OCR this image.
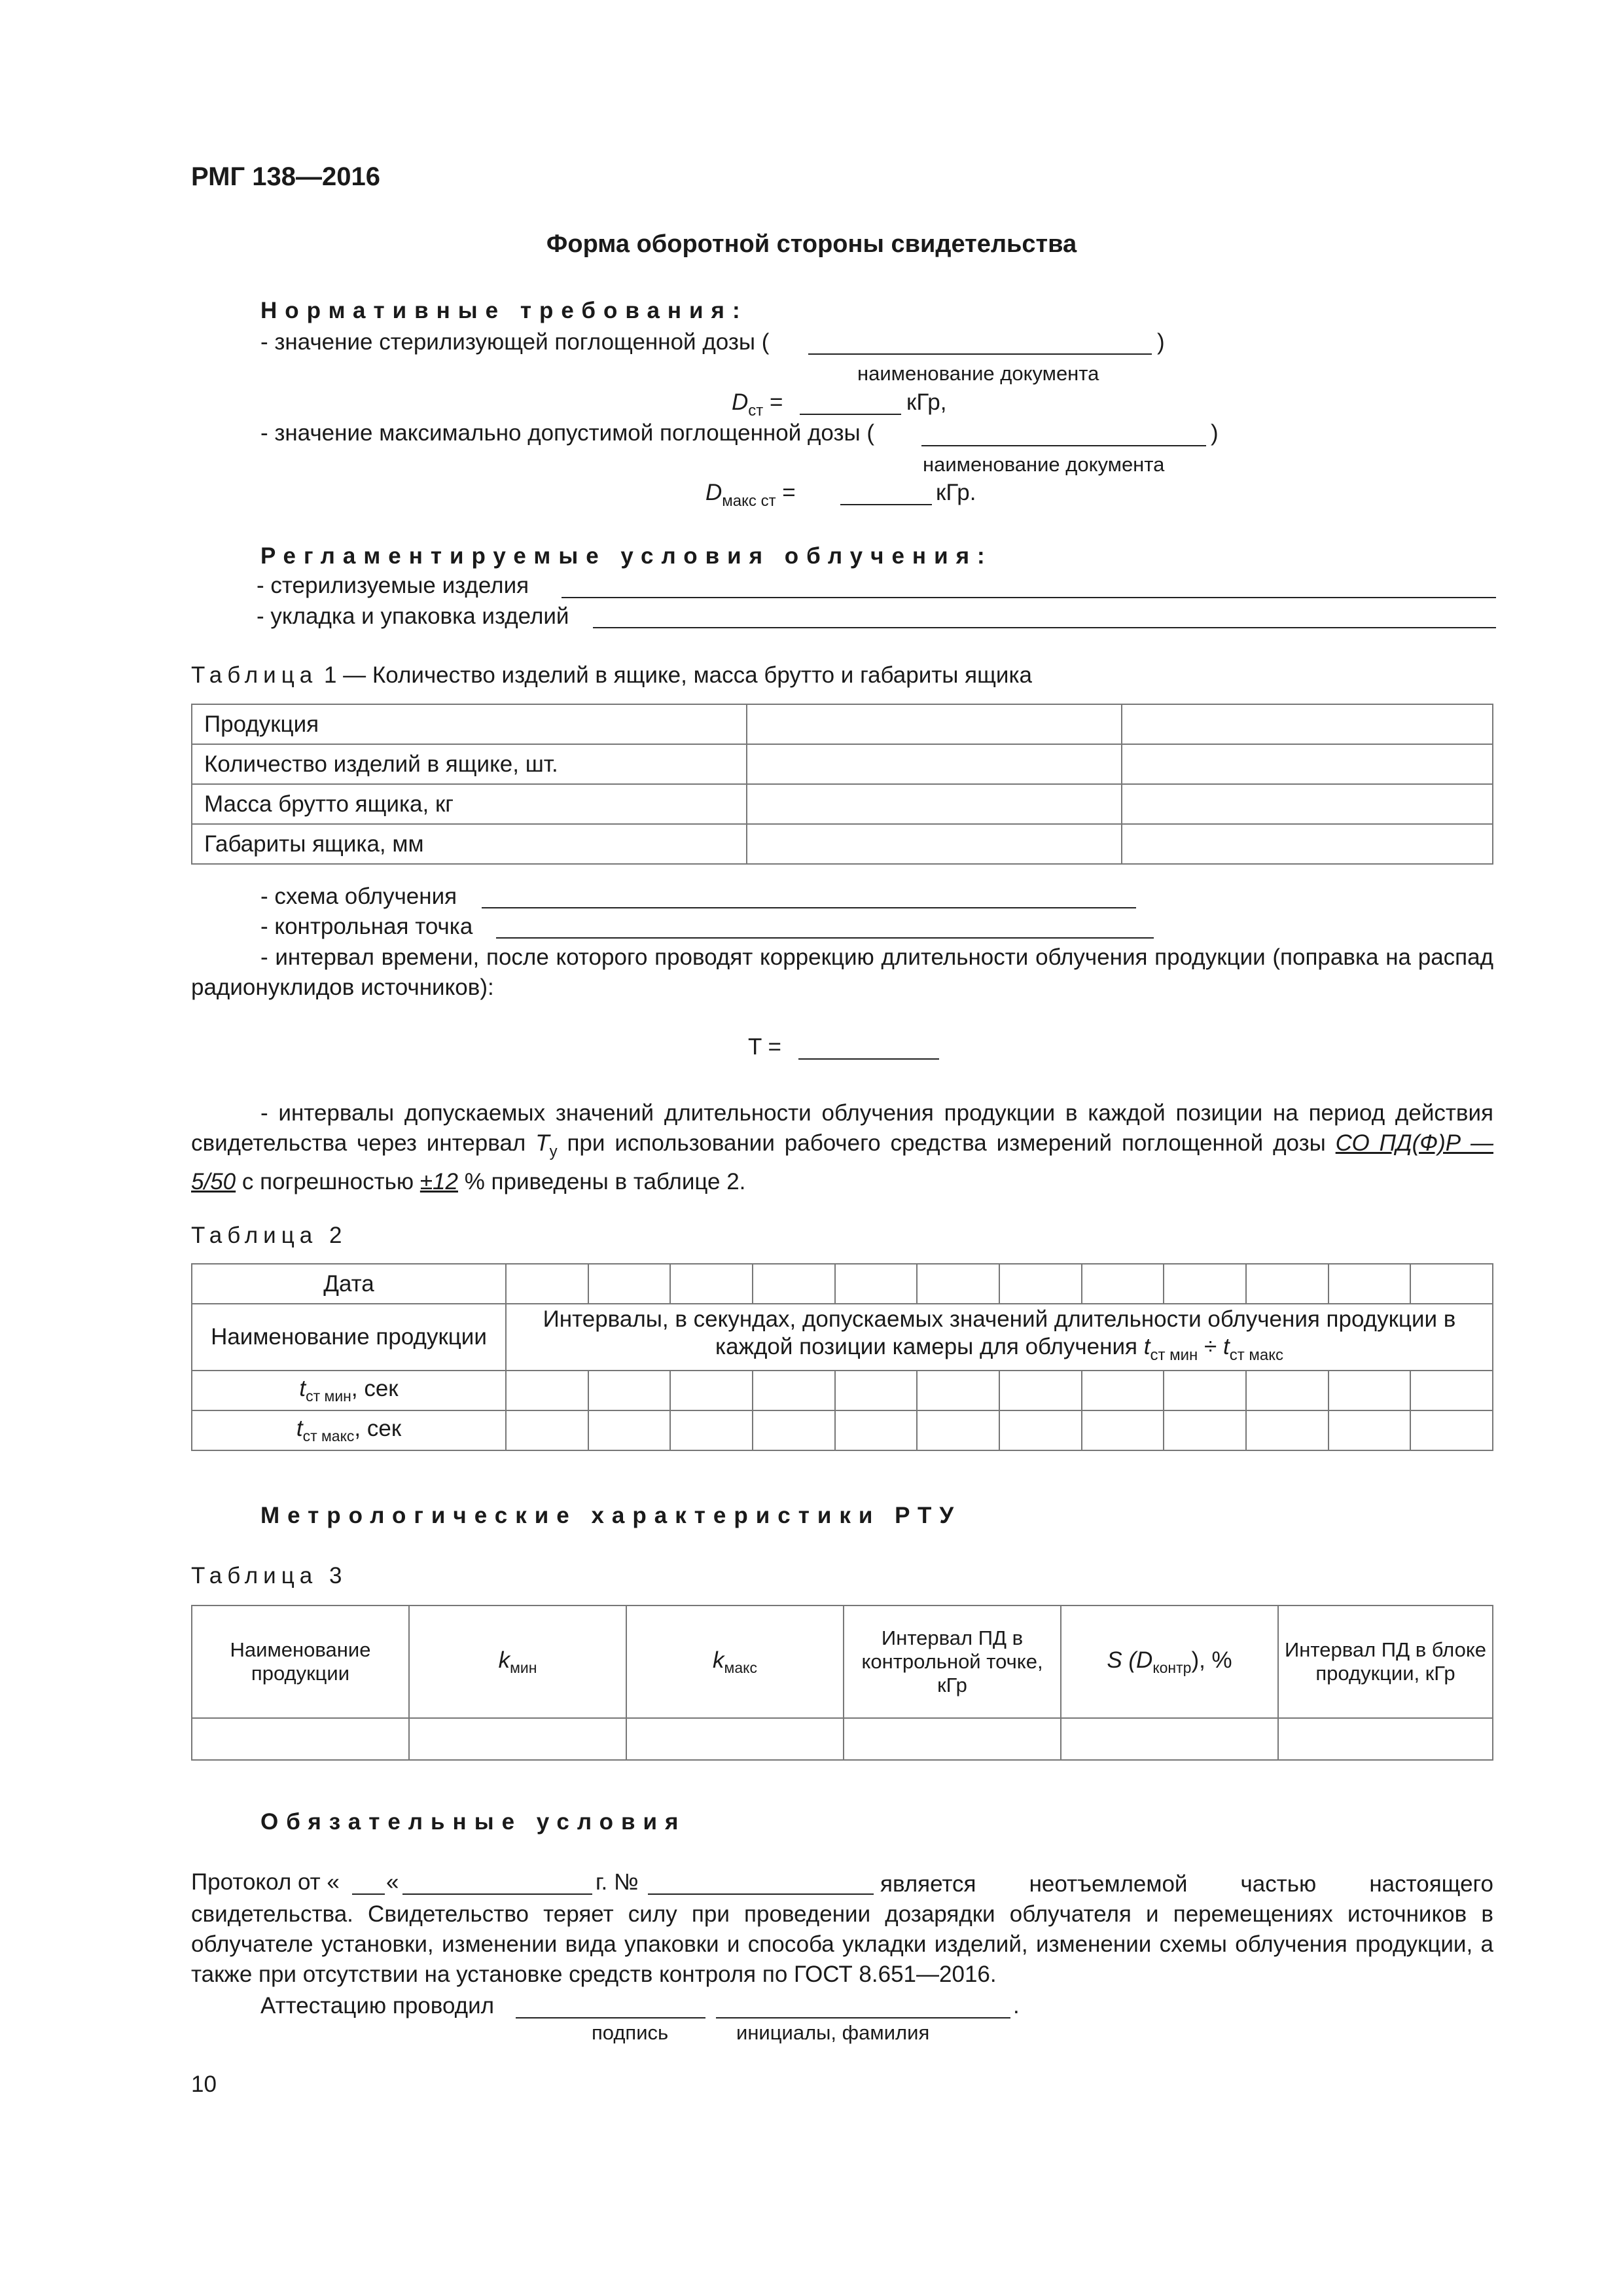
РМГ 138—2016
Форма оборотной стороны свидетельства
Нормативные требования:
- значение стерилизующей поглощенной дозы (	)
наименование документа
$D_{ст}$ =	кГр,
- значение максимально допустимой поглощенной дозы (	)
наименование документа
$D_{макс ст}$ =	кГр.
Регламентируемые условия облучения:
- стерилизуемые изделия
- укладка и упаковка изделий
Таблица 1 — Количество изделий в ящике, масса брутто и габариты ящика
Продукция		
Количество изделий в ящике, шт.		
Масса брутто ящика, кг		
Габариты ящика, мм		
- схема облучения
- контрольная точка
- интервал времени, после которого проводят коррекцию длительности облучения продукции (поправка на распад радионуклидов источников):
T =
- интервалы допускаемых значений длительности облучения продукции в каждой позиции на период действия свидетельства через интервал $T_у$ при использовании рабочего средства измерений поглощенной дозы СО ПД(Ф)Р — 5/50 с погрешностью ±12 % приведены в таблице 2.
Таблица 2
Дата												
Наименование продукции	Интервалы, в секундах, допускаемых значений длительности облучения продукции в каждой позиции камеры для облучения $t_{ст мин} \div t_{ст макс}$
$t_{ст мин}$, сек												
$t_{ст макс}$, сек												
Метрологические характеристики РТУ
Таблица 3
Наименование продукции	$k_{мин}$	$k_{макс}$	Интервал ПД в контрольной точке, кГр	S $(D_{контр})$, %	Интервал ПД в блоке продукции, кГр

Обязательные условия
Протокол от « «	г. №	является неотъемлемой частью настоящего свидетельства. Свидетельство теряет силу при проведении дозарядки облучателя и перемещениях источников в облучателе установки, изменении вида упаковки и способа укладки изделий, изменении схемы облучения продукции, а также при отсутствии на установке средств контроля по ГОСТ 8.651—2016.
Аттестацию проводил	.
подпись	инициалы, фамилия
10
